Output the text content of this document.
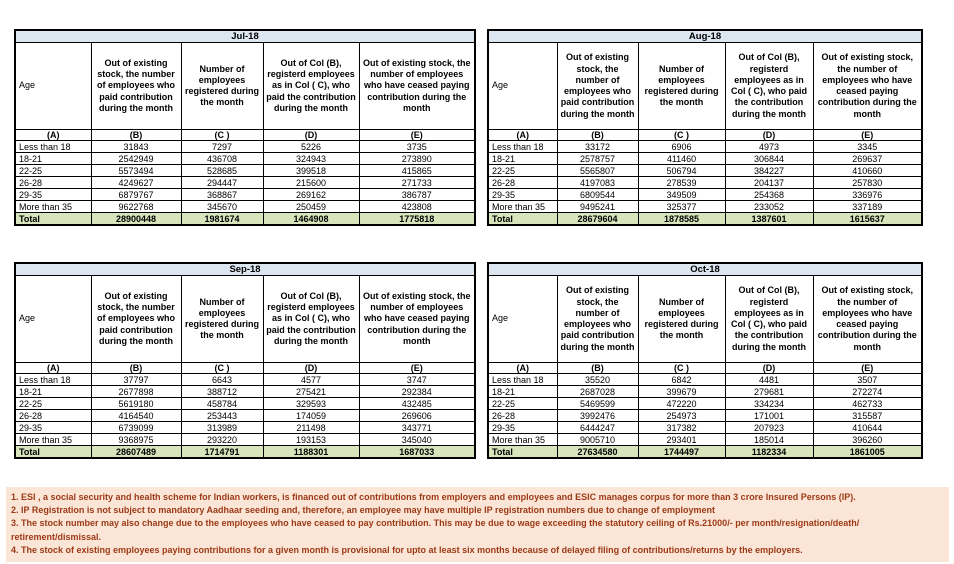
Jul-18				
Age	Out of existing stock, the number of employees who paid contribution during the month	Number of employees registered during the month	Out of Col (B), registerd employees as in Col ( C), who paid the contribution during the month	Out of existing stock, the number of employees who have ceased paying contribution during the month
(A)	(B)	(C )	(D)	(E)
Less than 18	31843	7297	5226	3735
18-21	2542949	436708	324943	273890
22-25	5573494	528685	399518	415865
26-28	4249627	294447	215600	271733
29-35	6879767	368867	269162	386787
More than 35	9622768	345670	250459	423808
Total	28900448	1981674	1464908	1775818
Aug-18				
Age	Out of existing stock, the number of employees who paid contribution during the month	Number of employees registered during the month	Out of Col (B), registerd employees as in Col ( C), who paid the contribution during the month	Out of existing stock, the number of employees who have ceased paying contribution during the month
(A)	(B)	(C )	(D)	(E)
Less than 18	33172	6906	4973	3345
18-21	2578757	411460	306844	269637
22-25	5565807	506794	384227	410660
26-28	4197083	278539	204137	257830
29-35	6809544	349509	254368	336976
More than 35	9495241	325377	233052	337189
Total	28679604	1878585	1387601	1615637
Sep-18				
Age	Out of existing stock, the number of employees who paid contribution during the month	Number of employees registered during the month	Out of Col (B), registerd employees as in Col ( C), who paid the contribution during the month	Out of existing stock, the number of employees who have ceased paying contribution during the month
(A)	(B)	(C )	(D)	(E)
Less than 18	37797	6643	4577	3747
18-21	2677898	388712	275421	292384
22-25	5619180	458784	329593	432485
26-28	4164540	253443	174059	269606
29-35	6739099	313989	211498	343771
More than 35	9368975	293220	193153	345040
Total	28607489	1714791	1188301	1687033
Oct-18				
Age	Out of existing stock, the number of employees who paid contribution during the month	Number of employees registered during the month	Out of Col (B), registerd employees as in Col ( C), who paid the contribution during the month	Out of existing stock, the number of employees who have ceased paying contribution during the month
(A)	(B)	(C )	(D)	(E)
Less than 18	35520	6842	4481	3507
18-21	2687028	399679	279681	272274
22-25	5469599	472220	334234	462733
26-28	3992476	254973	171001	315587
29-35	6444247	317382	207923	410644
More than 35	9005710	293401	185014	396260
Total	27634580	1744497	1182334	1861005
1. ESI , a social security and health scheme for Indian workers, is financed out of contributions from employers and employees and ESIC manages corpus for more than 3 crore Insured Persons (IP).
2. IP Registration is not subject to mandatory Aadhaar seeding and, therefore, an employee may have multiple IP registration numbers due to change of employment
3. The stock number may also change due to the employees who have ceased to pay contribution. This may be due to wage exceeding the statutory ceiling of Rs.21000/- per month/resignation/death/ retirement/dismissal.
4. The stock of existing employees paying contributions for a given month is provisional for upto at least six months because of delayed filing of contributions/returns by the employers.
